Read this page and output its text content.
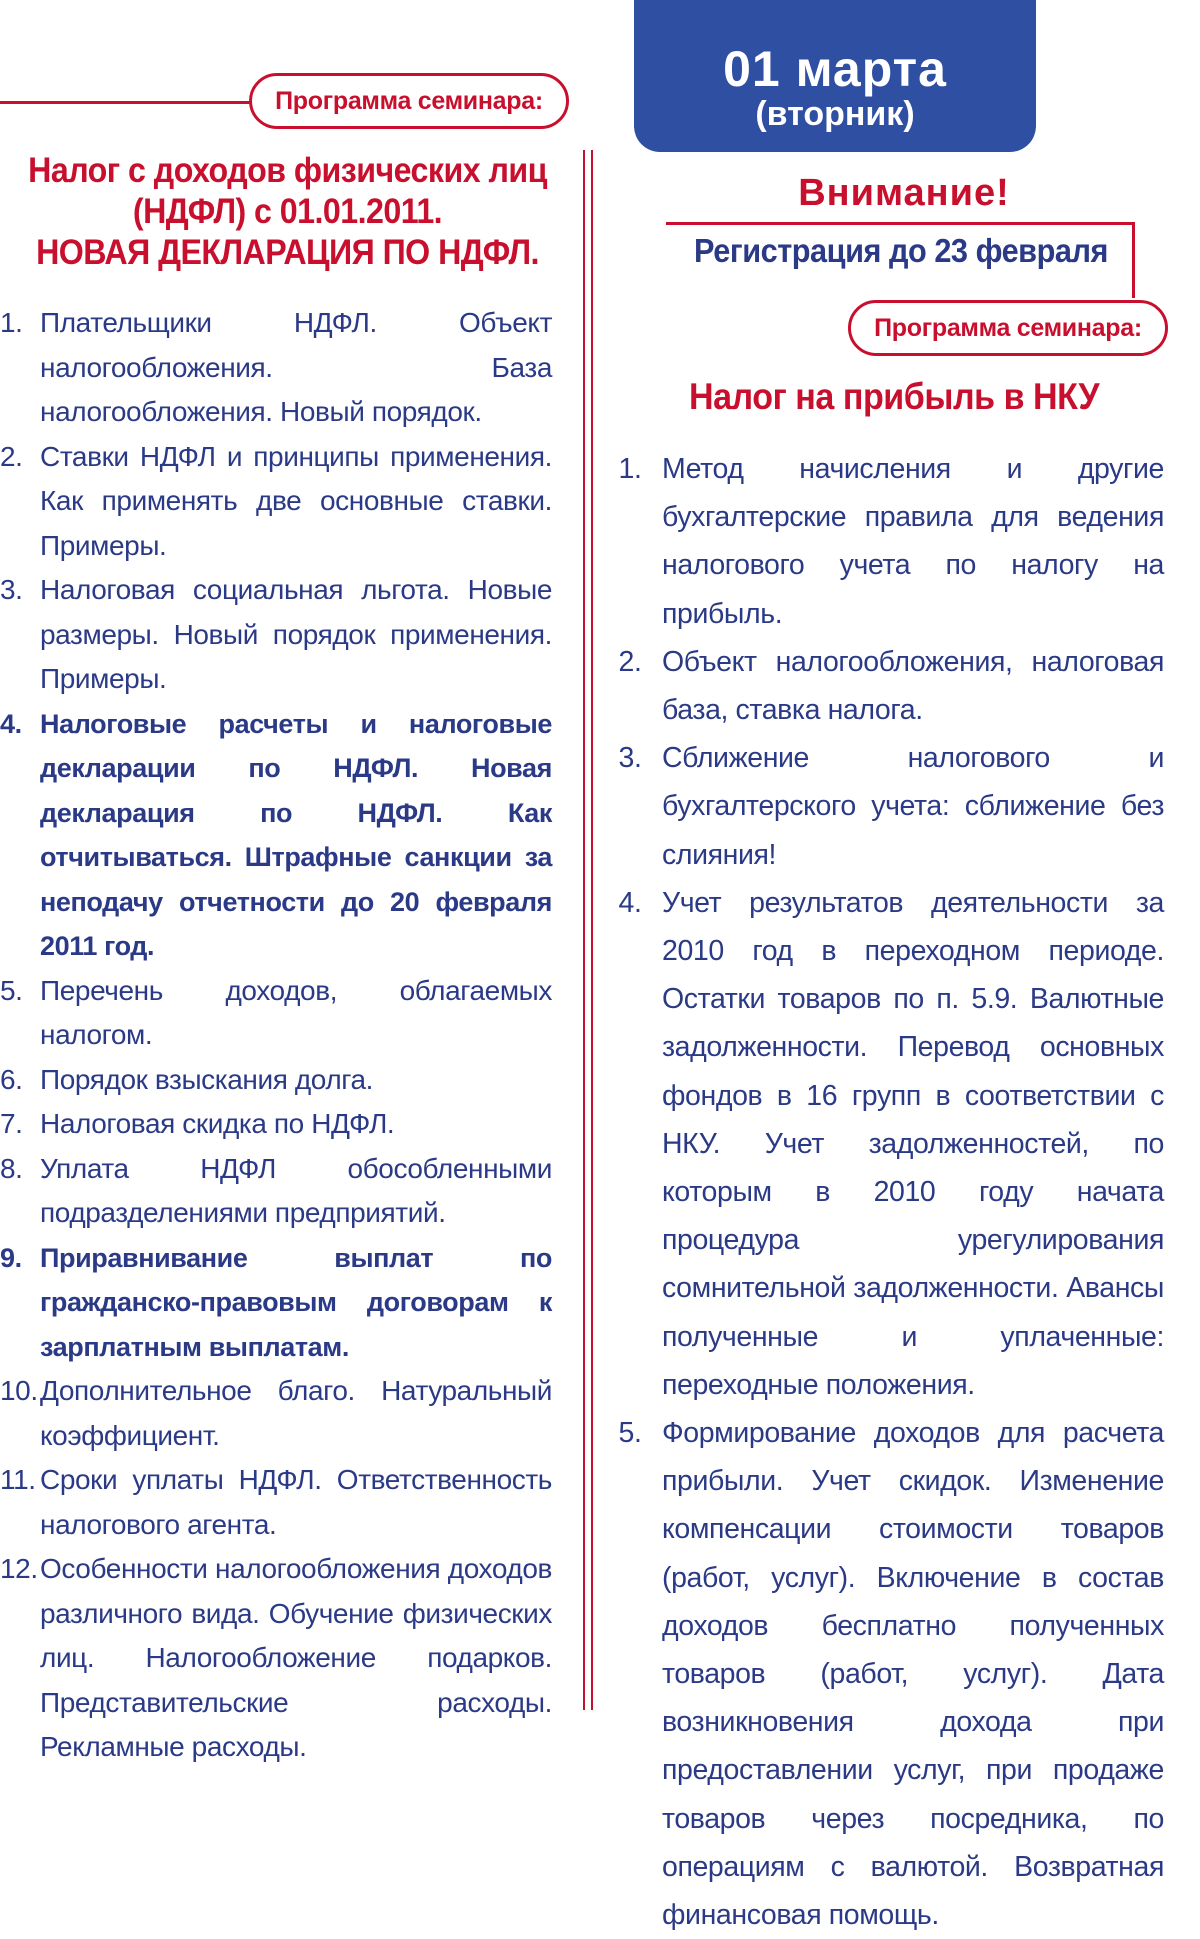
Программа семинара:
Налог с доходов физических лиц
(НДФЛ) с 01.01.2011.
НОВАЯ ДЕКЛАРАЦИЯ ПО НДФЛ.
1. Плательщики НДФЛ. Объект налогообложения. База налогообложения. Новый порядок.
2. Ставки НДФЛ и принципы применения. Как применять две основные ставки. Примеры.
3. Налоговая социальная льгота. Новые размеры. Новый порядок применения. Примеры.
4. Налоговые расчеты и налоговые декларации по НДФЛ. Новая декларация по НДФЛ. Как отчитываться. Штрафные санкции за неподачу отчетности до 20 февраля 2011 год.
5. Перечень доходов, облагаемых налогом.
6. Порядок взыскания долга.
7. Налоговая скидка по НДФЛ.
8. Уплата НДФЛ обособленными подразделениями предприятий.
9. Приравнивание выплат по гражданско-правовым договорам к зарплатным выплатам.
10. Дополнительное благо. Натуральный коэффициент.
11. Сроки уплаты НДФЛ. Ответственность налогового агента.
12. Особенности налогообложения доходов различного вида. Обучение физических лиц. Налогообложение подарков. Представительские расходы. Рекламные расходы.
01 марта
(вторник)
Внимание!
Регистрация до 23 февраля
Программа семинара:
Налог на прибыль в НКУ
1. Метод начисления и другие бухгалтерские правила для ведения налогового учета по налогу на прибыль.
2. Объект налогообложения, налоговая база, ставка налога.
3. Сближение налогового и бухгалтерского учета: сближение без слияния!
4. Учет результатов деятельности за 2010 год в переходном периоде. Остатки товаров по п. 5.9. Валютные задолженности. Перевод основных фондов в 16 групп в соответствии с НКУ. Учет задолженностей, по которым в 2010 году начата процедура урегулирования сомнительной задолженности. Авансы полученные и уплаченные: переходные положения.
5. Формирование доходов для расчета прибыли. Учет скидок. Изменение компенсации стоимости товаров (работ, услуг). Включение в состав доходов бесплатно полученных товаров (работ, услуг). Дата возникновения дохода при предоставлении услуг, при продаже товаров через посредника, по операциям с валютой. Возвратная финансовая помощь.
